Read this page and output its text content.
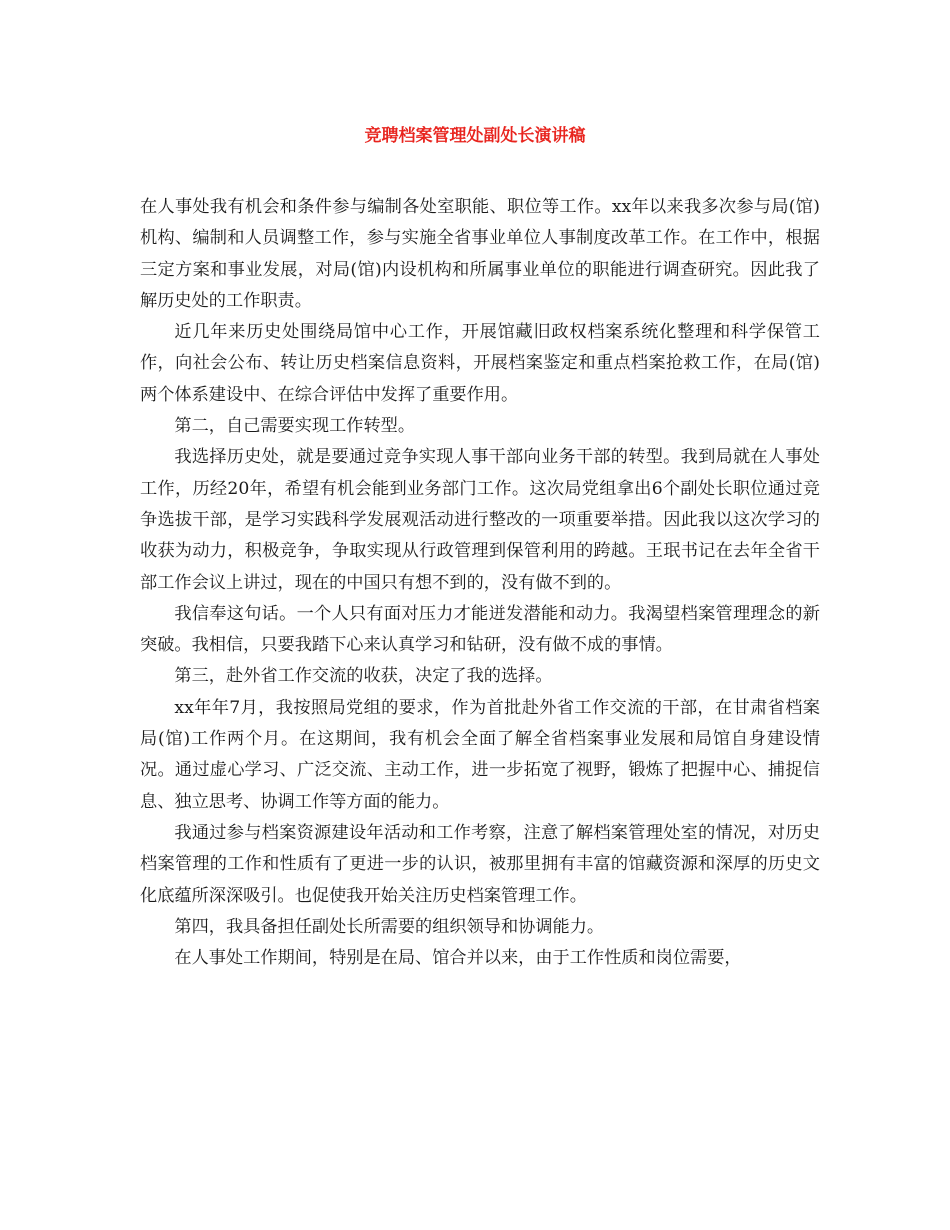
竞聘档案管理处副处长演讲稿

在人事处我有机会和条件参与编制各处室职能、职位等工作。xx年以来我多次参与局(馆)机构、编制和人员调整工作，参与实施全省事业单位人事制度改革工作。在工作中，根据三定方案和事业发展，对局(馆)内设机构和所属事业单位的职能进行调查研究。因此我了解历史处的工作职责。

近几年来历史处围绕局馆中心工作，开展馆藏旧政权档案系统化整理和科学保管工作，向社会公布、转让历史档案信息资料，开展档案鉴定和重点档案抢救工作，在局(馆)两个体系建设中、在综合评估中发挥了重要作用。

第二，自己需要实现工作转型。

我选择历史处，就是要通过竞争实现人事干部向业务干部的转型。我到局就在人事处工作，历经20年，希望有机会能到业务部门工作。这次局党组拿出6个副处长职位通过竞争选拔干部，是学习实践科学发展观活动进行整改的一项重要举措。因此我以这次学习的收获为动力，积极竞争，争取实现从行政管理到保管利用的跨越。王珉书记在去年全省干部工作会议上讲过，现在的中国只有想不到的，没有做不到的。

我信奉这句话。一个人只有面对压力才能迸发潜能和动力。我渴望档案管理理念的新突破。我相信，只要我踏下心来认真学习和钻研，没有做不成的事情。

第三，赴外省工作交流的收获，决定了我的选择。

xx年年7月，我按照局党组的要求，作为首批赴外省工作交流的干部，在甘肃省档案局(馆)工作两个月。在这期间，我有机会全面了解全省档案事业发展和局馆自身建设情况。通过虚心学习、广泛交流、主动工作，进一步拓宽了视野，锻炼了把握中心、捕捉信息、独立思考、协调工作等方面的能力。

我通过参与档案资源建设年活动和工作考察，注意了解档案管理处室的情况，对历史档案管理的工作和性质有了更进一步的认识，被那里拥有丰富的馆藏资源和深厚的历史文化底蕴所深深吸引。也促使我开始关注历史档案管理工作。

第四，我具备担任副处长所需要的组织领导和协调能力。

在人事处工作期间，特别是在局、馆合并以来，由于工作性质和岗位需要，
